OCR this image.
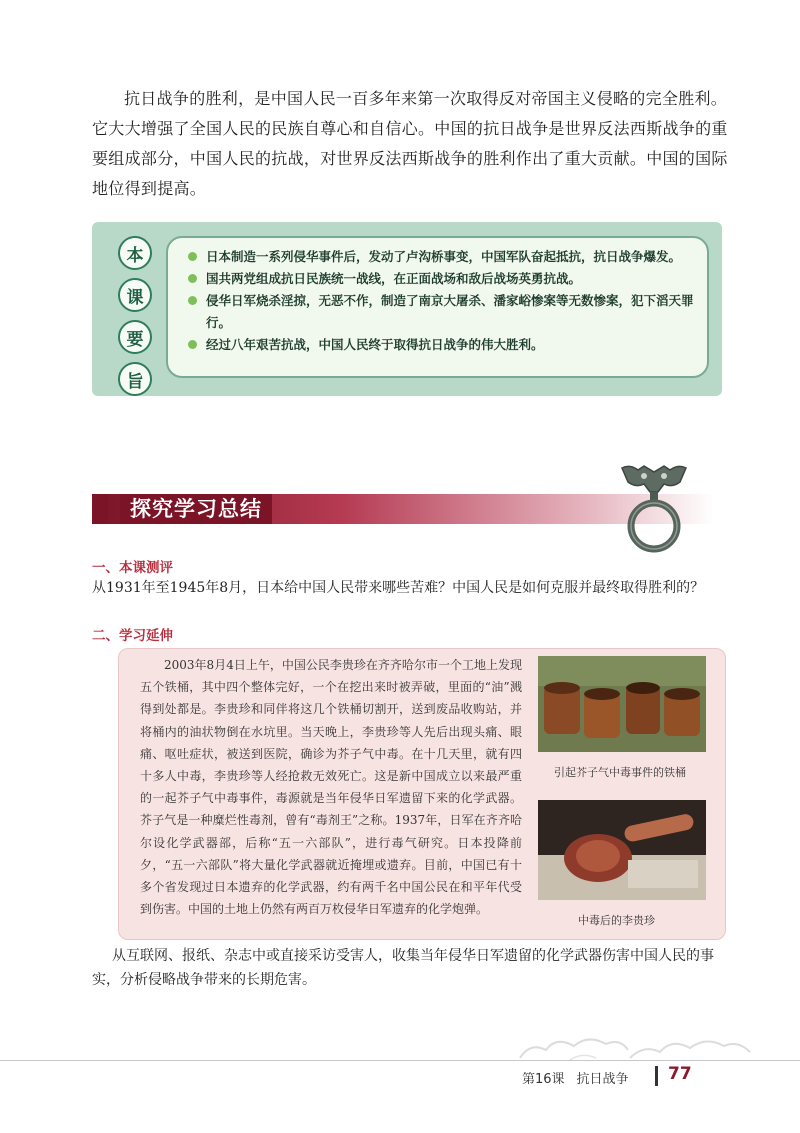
抗日战争的胜利，是中国人民一百多年来第一次取得反对帝国主义侵略的完全胜利。它大大增强了全国人民的民族自尊心和自信心。中国的抗日战争是世界反法西斯战争的重要组成部分，中国人民的抗战，对世界反法西斯战争的胜利作出了重大贡献。中国的国际地位得到提高。

本
课
要
旨

日本制造一系列侵华事件后，发动了卢沟桥事变，中国军队奋起抵抗，抗日战争爆发。

国共两党组成抗日民族统一战线，在正面战场和敌后战场英勇抗战。

侵华日军烧杀淫掠，无恶不作，制造了南京大屠杀、潘家峪惨案等无数惨案，犯下滔天罪行。

经过八年艰苦抗战，中国人民终于取得抗日战争的伟大胜利。

探究学习总结
一、本课测评

从1931年至1945年8月，日本给中国人民带来哪些苦难？中国人民是如何克服并最终取得胜利的？

二、学习延伸

2003年8月4日上午，中国公民李贵珍在齐齐哈尔市一个工地上发现五个铁桶，其中四个整体完好，一个在挖出来时被弄破，里面的“油”溅得到处都是。李贵珍和同伴将这几个铁桶切割开，送到废品收购站，并将桶内的油状物倒在水坑里。当天晚上，李贵珍等人先后出现头痛、眼痛、呕吐症状，被送到医院，确诊为芥子气中毒。在十几天里，就有四十多人中毒，李贵珍等人经抢救无效死亡。这是新中国成立以来最严重的一起芥子气中毒事件，毒源就是当年侵华日军遗留下来的化学武器。芥子气是一种糜烂性毒剂，曾有“毒剂王”之称。1937年，日军在齐齐哈尔设化学武器部，后称“五一六部队”，进行毒气研究。日本投降前夕，“五一六部队”将大量化学武器就近掩埋或遗弃。目前，中国已有十多个省发现过日本遗弃的化学武器，约有两千名中国公民在和平年代受到伤害。中国的土地上仍然有两百万枚侵华日军遗弃的化学炮弹。

引起芥子气中毒事件的铁桶
中毒后的李贵珍

从互联网、报纸、杂志中或直接采访受害人，收集当年侵华日军遗留的化学武器伤害中国人民的事实，分析侵略战争带来的长期危害。

第16课 抗日战争 77
